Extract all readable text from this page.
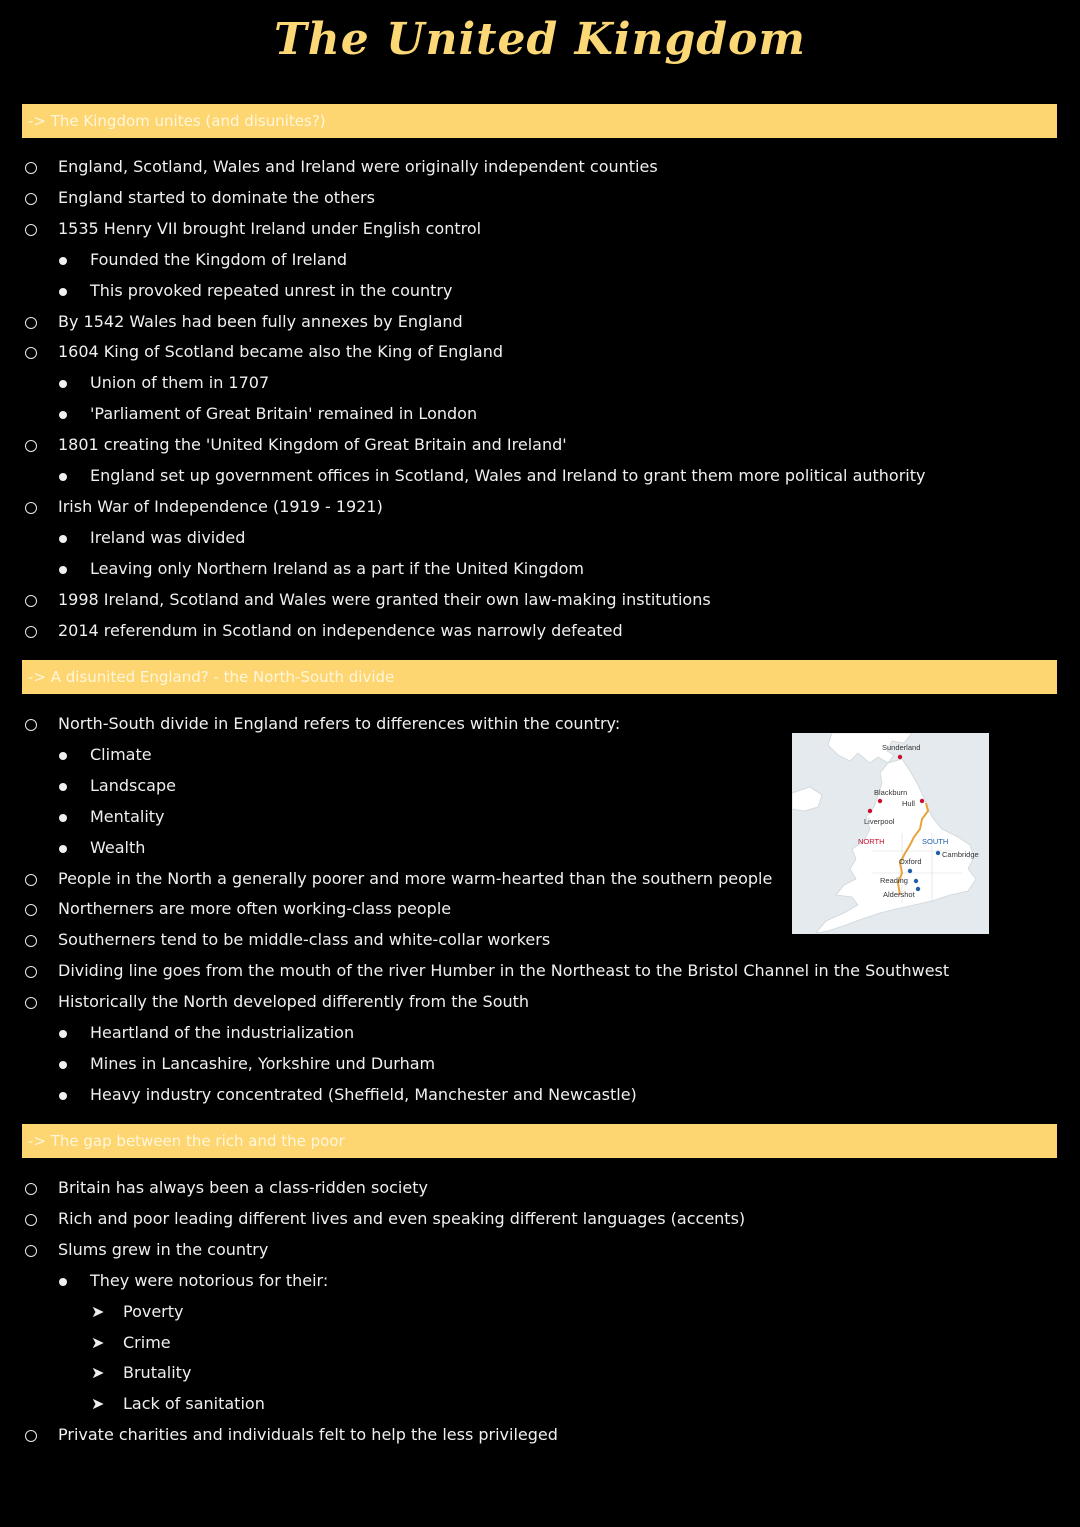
The United Kingdom
-> The Kingdom unites (and disunites?)
England, Scotland, Wales and Ireland were originally independent counties
England started to dominate the others
1535 Henry VII brought Ireland under English control
Founded the Kingdom of Ireland
This provoked repeated unrest in the country
By 1542 Wales had been fully annexes by England
1604 King of Scotland became also the King of England
Union of them in 1707
'Parliament of Great Britain' remained in London
1801 creating the 'United Kingdom of Great Britain and Ireland'
England set up government offices in Scotland, Wales and Ireland to grant them more political authority
Irish War of Independence (1919 - 1921)
Ireland was divided
Leaving only Northern Ireland as a part if the United Kingdom
1998 Ireland, Scotland and Wales were granted their own law-making institutions
2014 referendum in Scotland on independence was narrowly defeated
-> A disunited England? - the North-South divide
North-South divide in England refers to differences within the country:
Climate
Landscape
Mentality
Wealth
People in the North a generally poorer and more warm-hearted than the southern people
Northerners are more often working-class people
Southerners tend to be middle-class and white-collar workers
Dividing line goes from the mouth of the river Humber in the Northeast to the Bristol Channel in the Southwest
Historically the North developed differently from the South
Heartland of the industrialization
Mines in Lancashire, Yorkshire und Durham
Heavy industry concentrated (Sheffield, Manchester and Newcastle)
-> The gap between the rich and the poor
Britain has always been a class-ridden society
Rich and poor leading different lives and even speaking different languages (accents)
Slums grew in the country
They were notorious for their:
➤ Poverty
➤ Crime
➤ Brutality
➤ Lack of sanitation
Private charities and individuals felt to help the less privileged
Sunderland
Blackburn
Hull
Liverpool
NORTH	SOUTH
Cambridge
Oxford
Reading
Aldershot
